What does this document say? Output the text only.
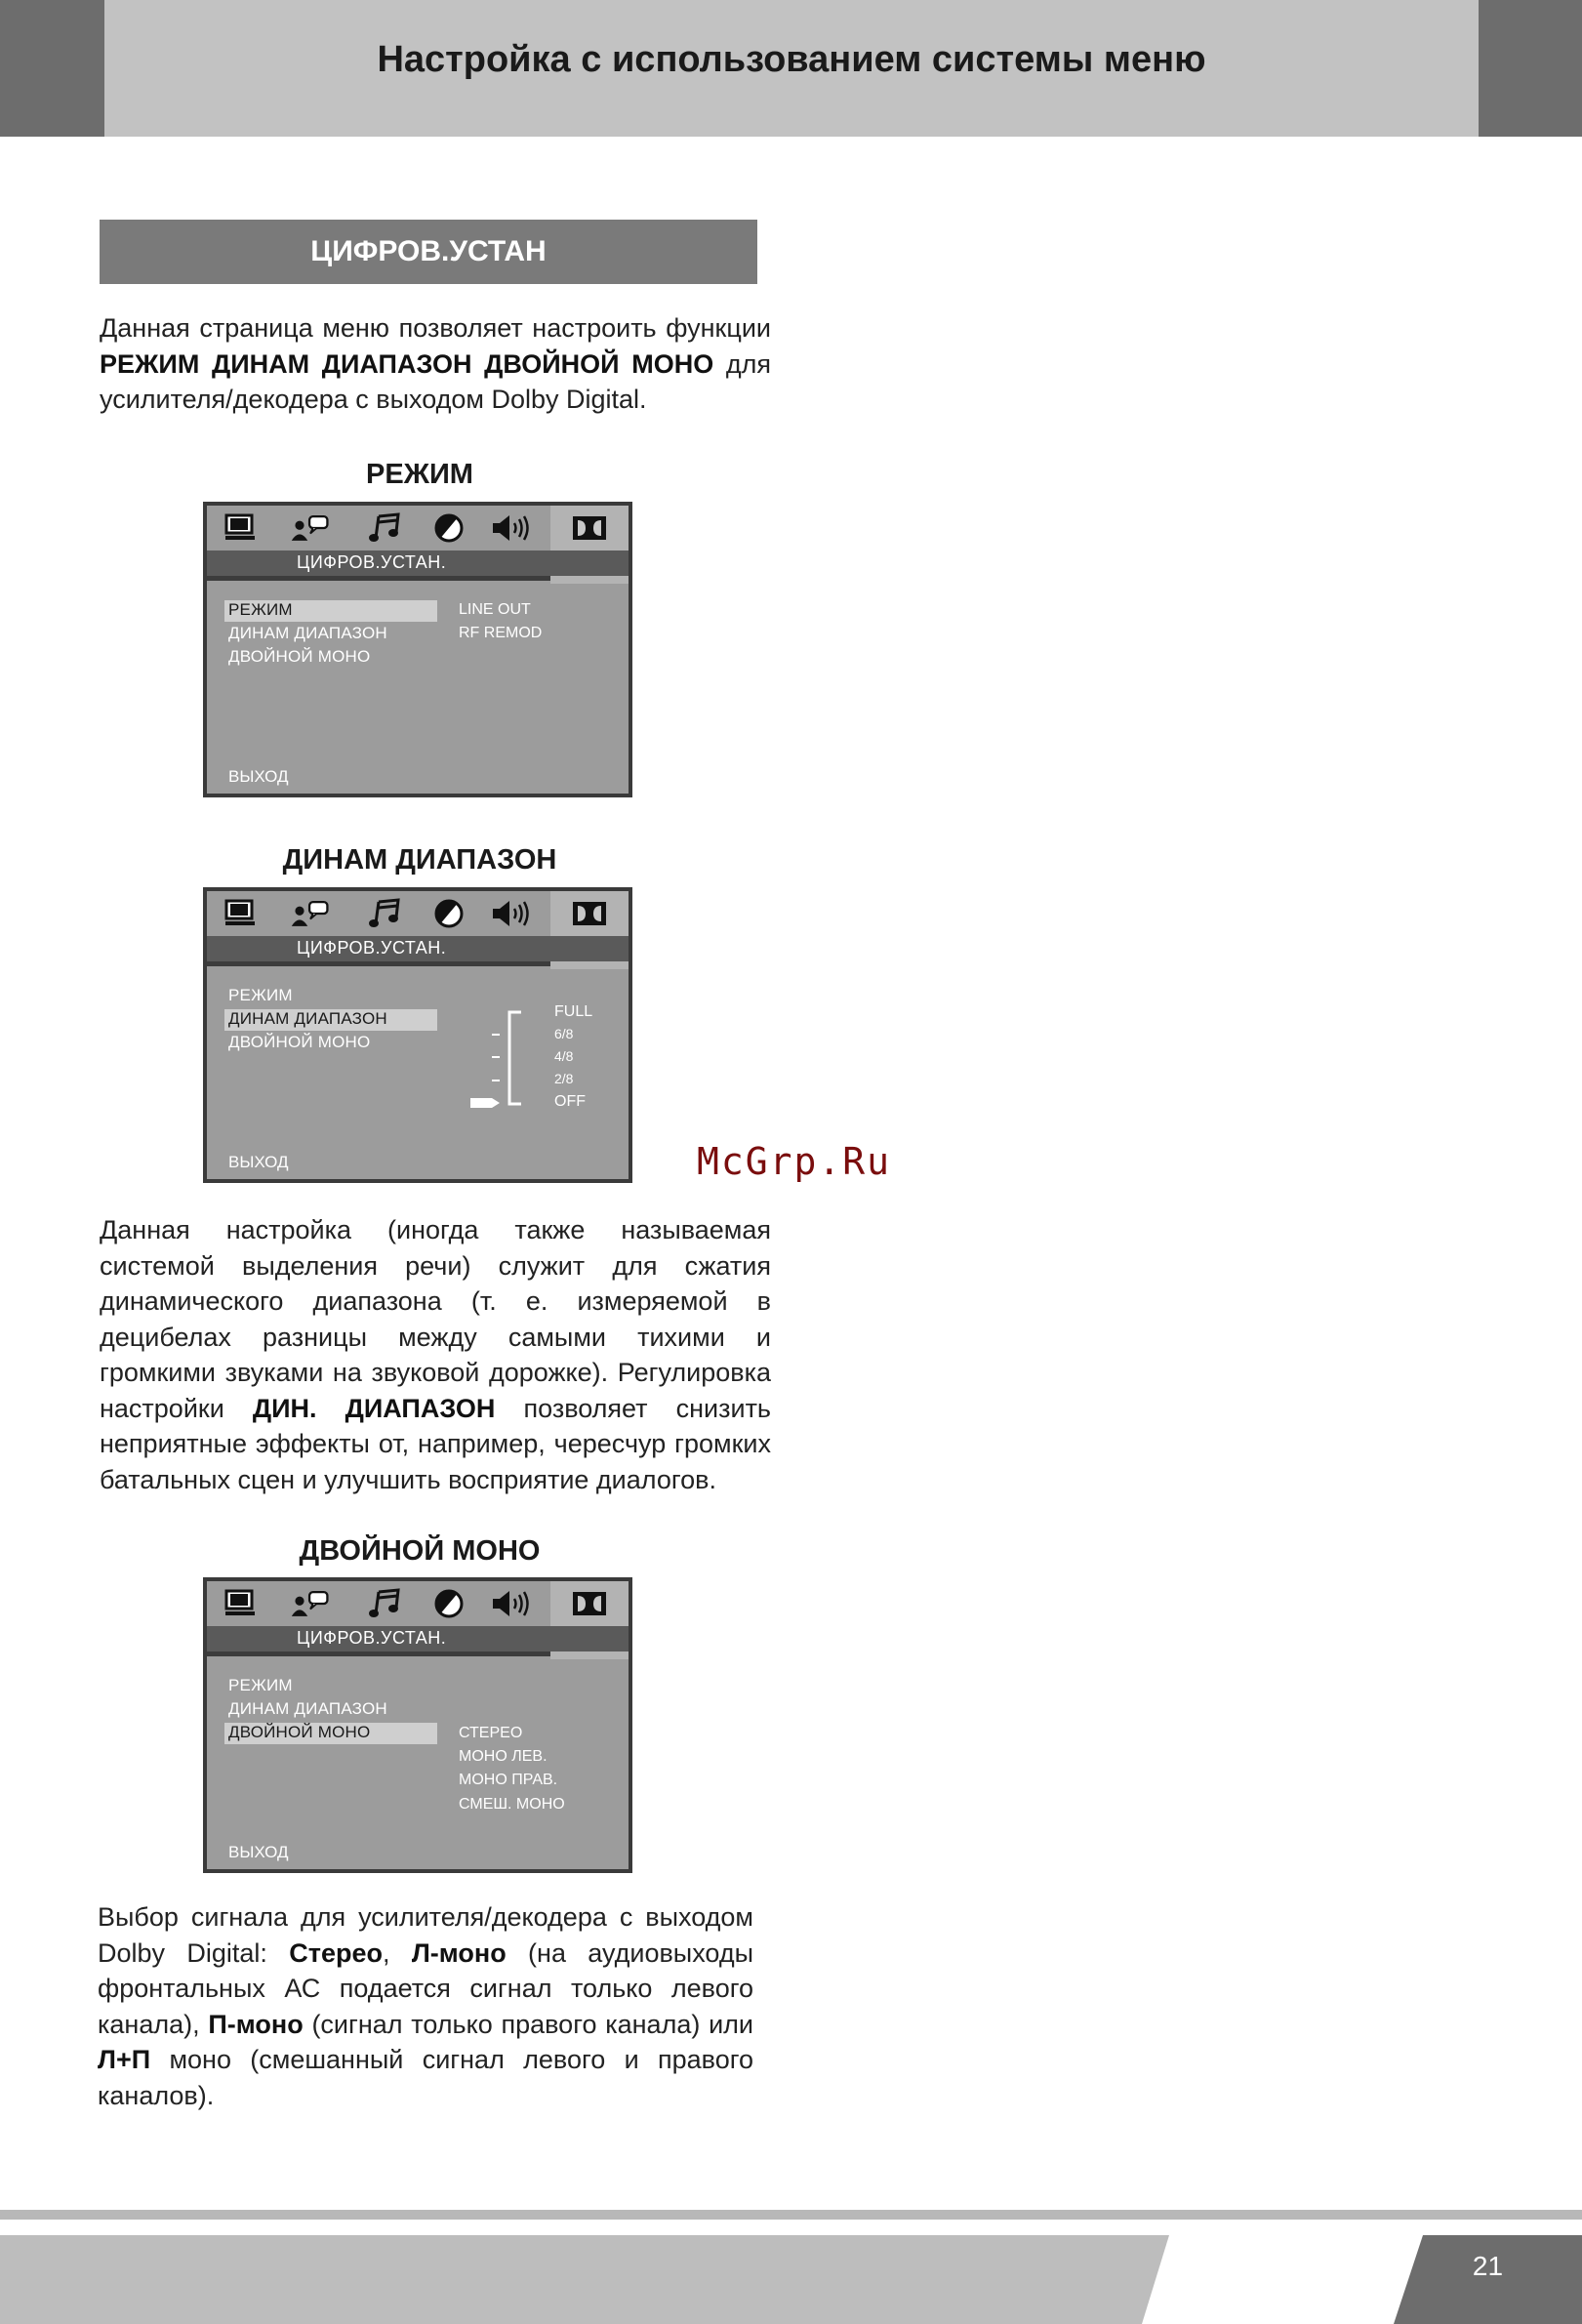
Настройка с использованием системы меню
ЦИФРОВ.УСТАН
Данная страница меню позволяет настроить функции РЕЖИМ ДИНАМ ДИАПАЗОН ДВОЙНОЙ МОНО для усилителя/декодера с выходом Dolby Digital.
РЕЖИМ
ЦИФРОВ.УСТАН.
РЕЖИМ
ДИНАМ ДИАПАЗОН
ДВОЙНОЙ МОНО
LINE OUT
RF REMOD
ВЫХОД
ДИНАМ ДИАПАЗОН
ЦИФРОВ.УСТАН.
РЕЖИМ
ДИНАМ ДИАПАЗОН
ДВОЙНОЙ МОНО
FULL
6/8
4/8
2/8
OFF
ВЫХОД
Данная настройка (иногда также называемая системой выделения речи) служит для сжатия динамического диапазона (т. е. измеряемой в децибелах разницы между самыми тихими и громкими звуками на звуковой дорожке). Регулировка настройки ДИН. ДИАПАЗОН позволяет снизить неприятные эффекты от, например, чересчур громких батальных сцен и улучшить восприятие диалогов.
McGrp.Ru
ДВОЙНОЙ МОНО
ЦИФРОВ.УСТАН.
РЕЖИМ
ДИНАМ ДИАПАЗОН
ДВОЙНОЙ МОНО	СТЕРЕО
МОНО ЛЕВ.
МОНО ПРАВ.
СМЕШ. МОНО
ВЫХОД
Выбор сигнала для усилителя/декодера с выходом Dolby Digital: Стерео, Л-моно (на аудиовыходы фронтальных АС подается сигнал только левого канала), П-моно (сигнал только правого канала) или Л+П моно (смешанный сигнал левого и правого каналов).
21
